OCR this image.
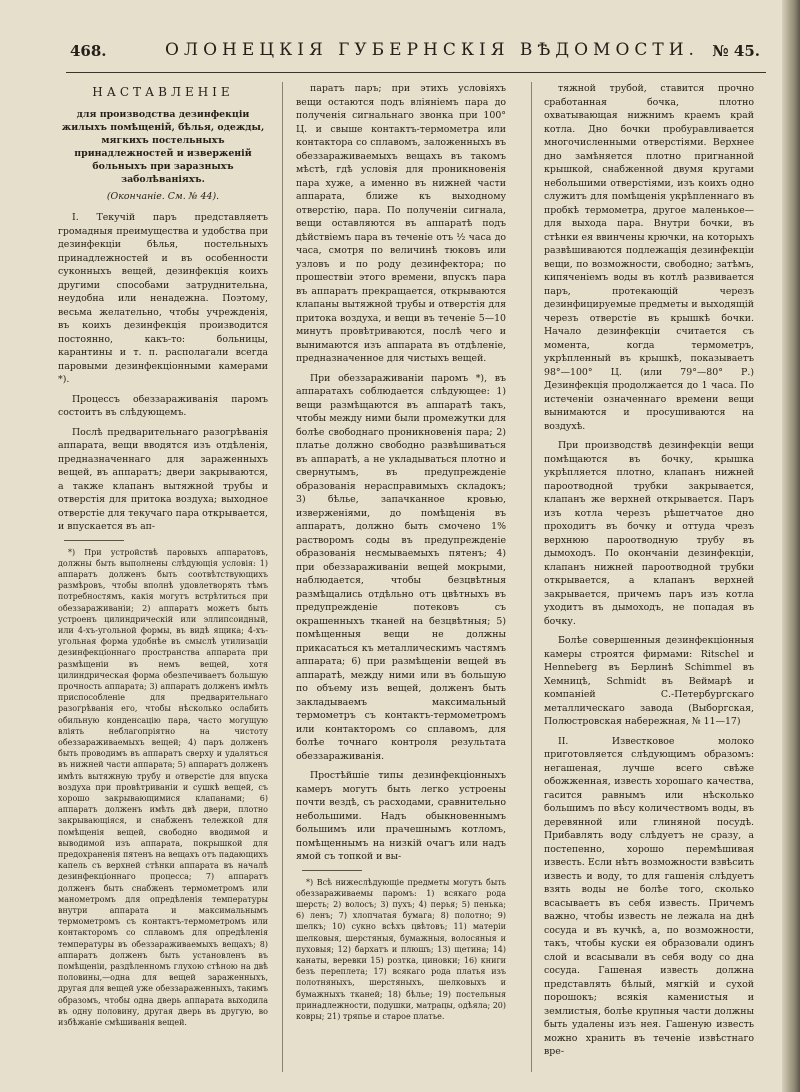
468.	ОЛОНЕЦКІЯ ГУБЕРНСКІЯ ВѢДОМОСТИ. № 45.

НАСТАВЛЕНІЕ

для производства дезинфекціи жилыхъ помѣщеній, бѣлья, одежды, мягкихъ постельныхъ принадлежностей и изверженій больныхъ при заразныхъ заболѣваніяхъ.

(Окончаніе. См. № 44).

I. Текучій паръ представляетъ громадныя преимущества и удобства при дезинфекціи бѣлья, постельныхъ принадлежностей и въ особенности суконныхъ вещей, дезинфекція коихъ другими способами затруднительна, неудобна или ненадежна. Поэтому, весьма желательно, чтобы учрежденія, въ коихъ дезинфекція производится постоянно, какъ-то: больницы, карантины и т. п. располагали всегда паровыми дезинфекціонными камерами *).

Процессъ обеззараживанія паромъ состоитъ въ слѣдующемъ.

Послѣ предварительнаго разогрѣванія аппарата, вещи вводятся изъ отдѣленія, предназначеннаго для зараженныхъ вещей, въ аппаратъ; двери закрываются, а также клапанъ вытяжной трубы и отверстія для притока воздуха; выходное отверстіе для текучаго пара открывается, и впускается въ ап-

*) При устройствѣ паровыхъ аппаратовъ, должны быть выполнены слѣдующія условія: 1) аппаратъ долженъ быть соотвѣтствующихъ размѣровъ, чтобы вполнѣ удовлетворять тѣмъ потребностямъ, какія могутъ встрѣтиться при обеззараживаніи; 2) аппаратъ можетъ быть устроенъ цилиндрическій или эллипсоидный, или 4-хъ-угольной формы, въ видѣ ящика; 4-хъ-угольная форма удобнѣе въ смыслѣ утилизаціи дезинфекціоннаго пространства аппарата при размѣщеніи въ немъ вещей, хотя цилиндрическая форма обезпечиваетъ большую прочность аппарата; 3) аппаратъ долженъ имѣть приспособленіе для предварительнаго разогрѣванія его, чтобы нѣсколько ослабить обильную конденсацію пара, часто могущую вліять неблагопріятно на чистоту обеззараживаемыхъ вещей; 4) паръ долженъ быть проводимъ въ аппаратъ сверху и удаляться въ нижней части аппарата; 5) аппаратъ долженъ имѣть вытяжную трубу и отверстіе для впуска воздуха при провѣтриваніи и сушкѣ вещей, съ хорошо закрывающимися клапанами; 6) аппаратъ долженъ имѣть двѣ двери, плотно закрывающіяся, и снабженъ тележкой для помѣщенія вещей, свободно вводимой и выводимой изъ аппарата, покрышкой для предохраненія пятенъ на вещахъ отъ падающихъ капель съ верхней стѣнки аппарата въ началѣ дезинфекціоннаго процесса; 7) аппаратъ долженъ быть снабженъ термометромъ или манометромъ для опредѣленія температуры внутри аппарата и максимальнымъ термометромъ съ контактъ-термометромъ или контакторомъ со сплавомъ для опредѣленія температуры въ обеззараживаемыхъ вещахъ; 8) аппаратъ долженъ быть установленъ въ помѣщеніи, раздѣленномъ глухою стѣною на двѣ половины,—одна для вещей зараженныхъ, другая для вещей уже обеззараженныхъ, такимъ образомъ, чтобы одна дверь аппарата выходила въ одну половину, другая дверь въ другую, во избѣжаніе смѣшиванія вещей.

паратъ паръ; при этихъ условіяхъ вещи остаются подъ вліяніемъ пара до полученія сигнальнаго звонка при 100° Ц. и свыше контактъ-термометра или контактора со сплавомъ, заложенныхъ въ обеззараживаемыхъ вещахъ въ такомъ мѣстѣ, гдѣ условія для проникновенія пара хуже, а именно въ нижней части аппарата, ближе къ выходному отверстію, пара. По полученіи сигнала, вещи оставляются въ аппаратѣ подъ дѣйствіемъ пара въ теченіе отъ ½ часа до часа, смотря по величинѣ тюковъ или узловъ и по роду дезинфектора; по прошествіи этого времени, впускъ пара въ аппаратъ прекращается, открываются клапаны вытяжной трубы и отверстія для притока воздуха, и вещи въ теченіе 5—10 минутъ провѣтриваются, послѣ чего и вынимаются изъ аппарата въ отдѣленіе, предназначенное для чистыхъ вещей.

При обеззараживаніи паромъ *), въ аппаратахъ соблюдается слѣдующее: 1) вещи размѣщаются въ аппаратѣ такъ, чтобы между ними были промежутки для болѣе свободнаго проникновенія пара; 2) платье должно свободно развѣшиваться въ аппаратѣ, а не укладываться плотно и свернутымъ, въ предупрежденіе образованія нерасправимыхъ складокъ; 3) бѣлье, запачканное кровью, изверженіями, до помѣщенія въ аппаратъ, должно быть смочено 1% растворомъ соды въ предупрежденіе образованія несмываемыхъ пятенъ; 4) при обеззараживаніи вещей мокрыми, наблюдается, чтобы безцвѣтныя размѣщались отдѣльно отъ цвѣтныхъ въ предупрежденіе потековъ съ окрашенныхъ тканей на безцвѣтныя; 5) помѣщенныя вещи не должны прикасаться къ металлическимъ частямъ аппарата; 6) при размѣщеніи вещей въ аппаратѣ, между ними или въ большую по объему изъ вещей, долженъ быть закладываемъ максимальный термометръ съ контактъ-термометромъ или контакторомъ со сплавомъ, для болѣе точнаго контроля результата обеззараживанія.

Простѣйшіе типы дезинфекціонныхъ камеръ могутъ быть легко устроены почти вездѣ, съ расходами, сравнительно небольшими. Надъ обыкновеннымъ большимъ или прачешнымъ котломъ, помѣщеннымъ на низкій очагъ или надъ ямой съ топкой и вы-

*) Всѣ нижеслѣдующіе предметы могутъ быть обеззараживаемы паромъ: 1) всякаго рода шерсть; 2) волосъ; 3) пухъ; 4) перья; 5) пенька; 6) ленъ; 7) хлопчатая бумага; 8) полотно; 9) шелкъ; 10) сукно всѣхъ цвѣтовъ; 11) матеріи шелковыя, шерстяныя, бумажныя, волосяныя и пуховыя; 12) бархатъ и плюшъ; 13) щетина; 14) канаты, веревки 15) розтка, циновки; 16) книги безъ переплета; 17) всякаго рода платья изъ полотняныхъ, шерстяныхъ, шелковыхъ и бумажныхъ тканей; 18) бѣлье; 19) постельныя принадлежности, подушки, матрацы, одѣяла; 20) ковры; 21) тряпье и старое платье.

тяжной трубой, ставится прочно сработанная бочка, плотно охватывающая нижнимъ краемъ край котла. Дно бочки пробуравливается многочисленными отверстіями. Верхнее дно замѣняется плотно пригнанной крышкой, снабженной двумя кругами небольшими отверстіями, изъ коихъ одно служитъ для помѣщенія укрѣпленнаго въ пробкѣ термометра, другое маленькое—для выхода пара. Внутри бочки, въ стѣнки ея ввинчены крючки, на которыхъ развѣшиваются подлежащія дезинфекціи вещи, по возможности, свободно; затѣмъ, кипяченіемъ воды въ котлѣ развивается паръ, протекающій черезъ дезинфицируемые предметы и выходящій черезъ отверстіе въ крышкѣ бочки. Начало дезинфекціи считается съ момента, когда термометръ, укрѣпленный въ крышкѣ, показываетъ 98°—100° Ц. (или 79°—80° Р.) Дезинфекція продолжается до 1 часа. По истеченіи означеннаго времени вещи вынимаются и просушиваются на воздухѣ.

При производствѣ дезинфекціи вещи помѣщаются въ бочку, крышка укрѣпляется плотно, клапанъ нижней пароотводной трубки закрывается, клапанъ же верхней открывается. Паръ изъ котла черезъ рѣшетчатое дно проходитъ въ бочку и оттуда чрезъ верхнюю пароотводную трубу въ дымоходъ. По окончаніи дезинфекціи, клапанъ нижней пароотводной трубки открывается, а клапанъ верхней закрывается, причемъ паръ изъ котла уходитъ въ дымоходъ, не попадая въ бочку.

Болѣе совершенныя дезинфекціонныя камеры строятся фирмами: Ritschel и Henneberg въ Берлинѣ Schimmel въ Хемницѣ, Schmidt въ Веймарѣ и компаніей С.-Петербургскаго металлическаго завода (Выборгская, Полюстровская набережная, № 11—17)

II. Известковое молоко приготовляется слѣдующимъ образомъ: негашеная, лучше всего свѣже обожженная, известь хорошаго качества, гасится равнымъ или нѣсколько большимъ по вѣсу количествомъ воды, въ деревянной или глиняной посудѣ. Прибавлять воду слѣдуетъ не сразу, а постепенно, хорошо перемѣшивая известь. Если нѣтъ возможности взвѣсить известь и воду, то для гашенія слѣдуетъ взять воды не болѣе того, сколько всасываетъ въ себя известь. Причемъ важно, чтобы известь не лежала на днѣ сосуда и въ кучкѣ, а, по возможности, такъ, чтобы куски ея образовали одинъ слой и всасывали въ себя воду со дна сосуда. Гашеная известь должна представлять бѣлый, мягкій и сухой порошокъ; всякія каменистыя и землистыя, болѣе крупныя части должны быть удалены изъ нея. Гашеную известь можно хранить въ теченіе извѣстнаго вре-
